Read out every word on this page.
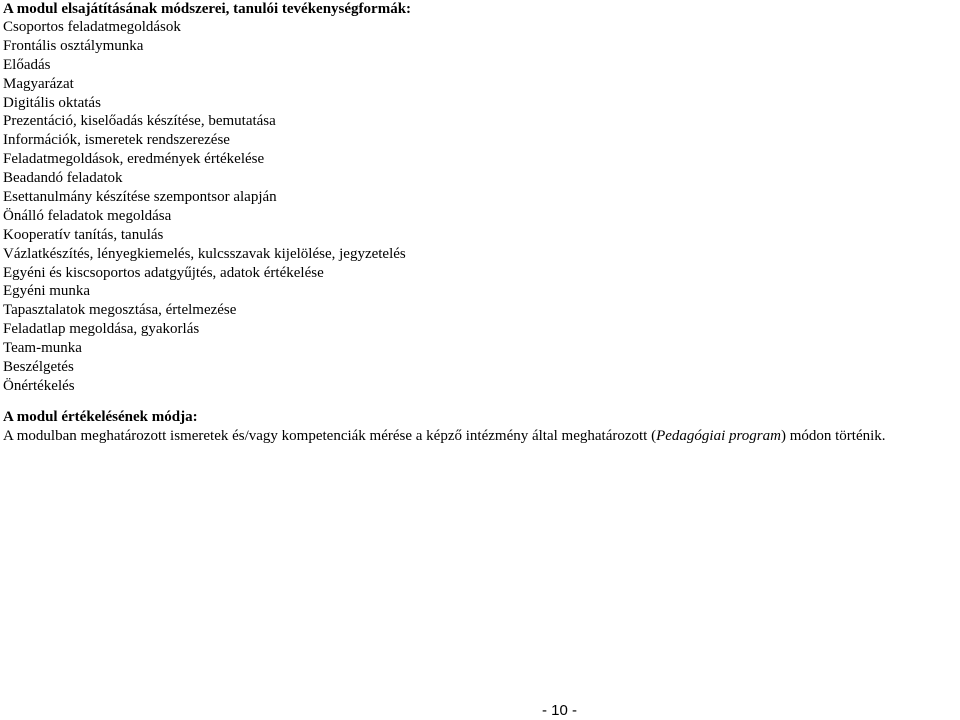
A modul elsajátításának módszerei, tanulói tevékenységformák:
Csoportos feladatmegoldások
Frontális osztálymunka
Előadás
Magyarázat
Digitális oktatás
Prezentáció, kiselőadás készítése, bemutatása
Információk, ismeretek rendszerezése
Feladatmegoldások, eredmények értékelése
Beadandó feladatok
Esettanulmány készítése szempontsor alapján
Önálló feladatok megoldása
Kooperatív tanítás, tanulás
Vázlatkészítés, lényegkiemelés, kulcsszavak kijelölése, jegyzetelés
Egyéni és kiscsoportos adatgyűjtés, adatok értékelése
Egyéni munka
Tapasztalatok megosztása, értelmezése
Feladatlap megoldása, gyakorlás
Team-munka
Beszélgetés
Önértékelés
A modul értékelésének módja:
A modulban meghatározott ismeretek és/vagy kompetenciák mérése a képző intézmény által meghatározott (Pedagógiai program) módon történik.
- 10 -
